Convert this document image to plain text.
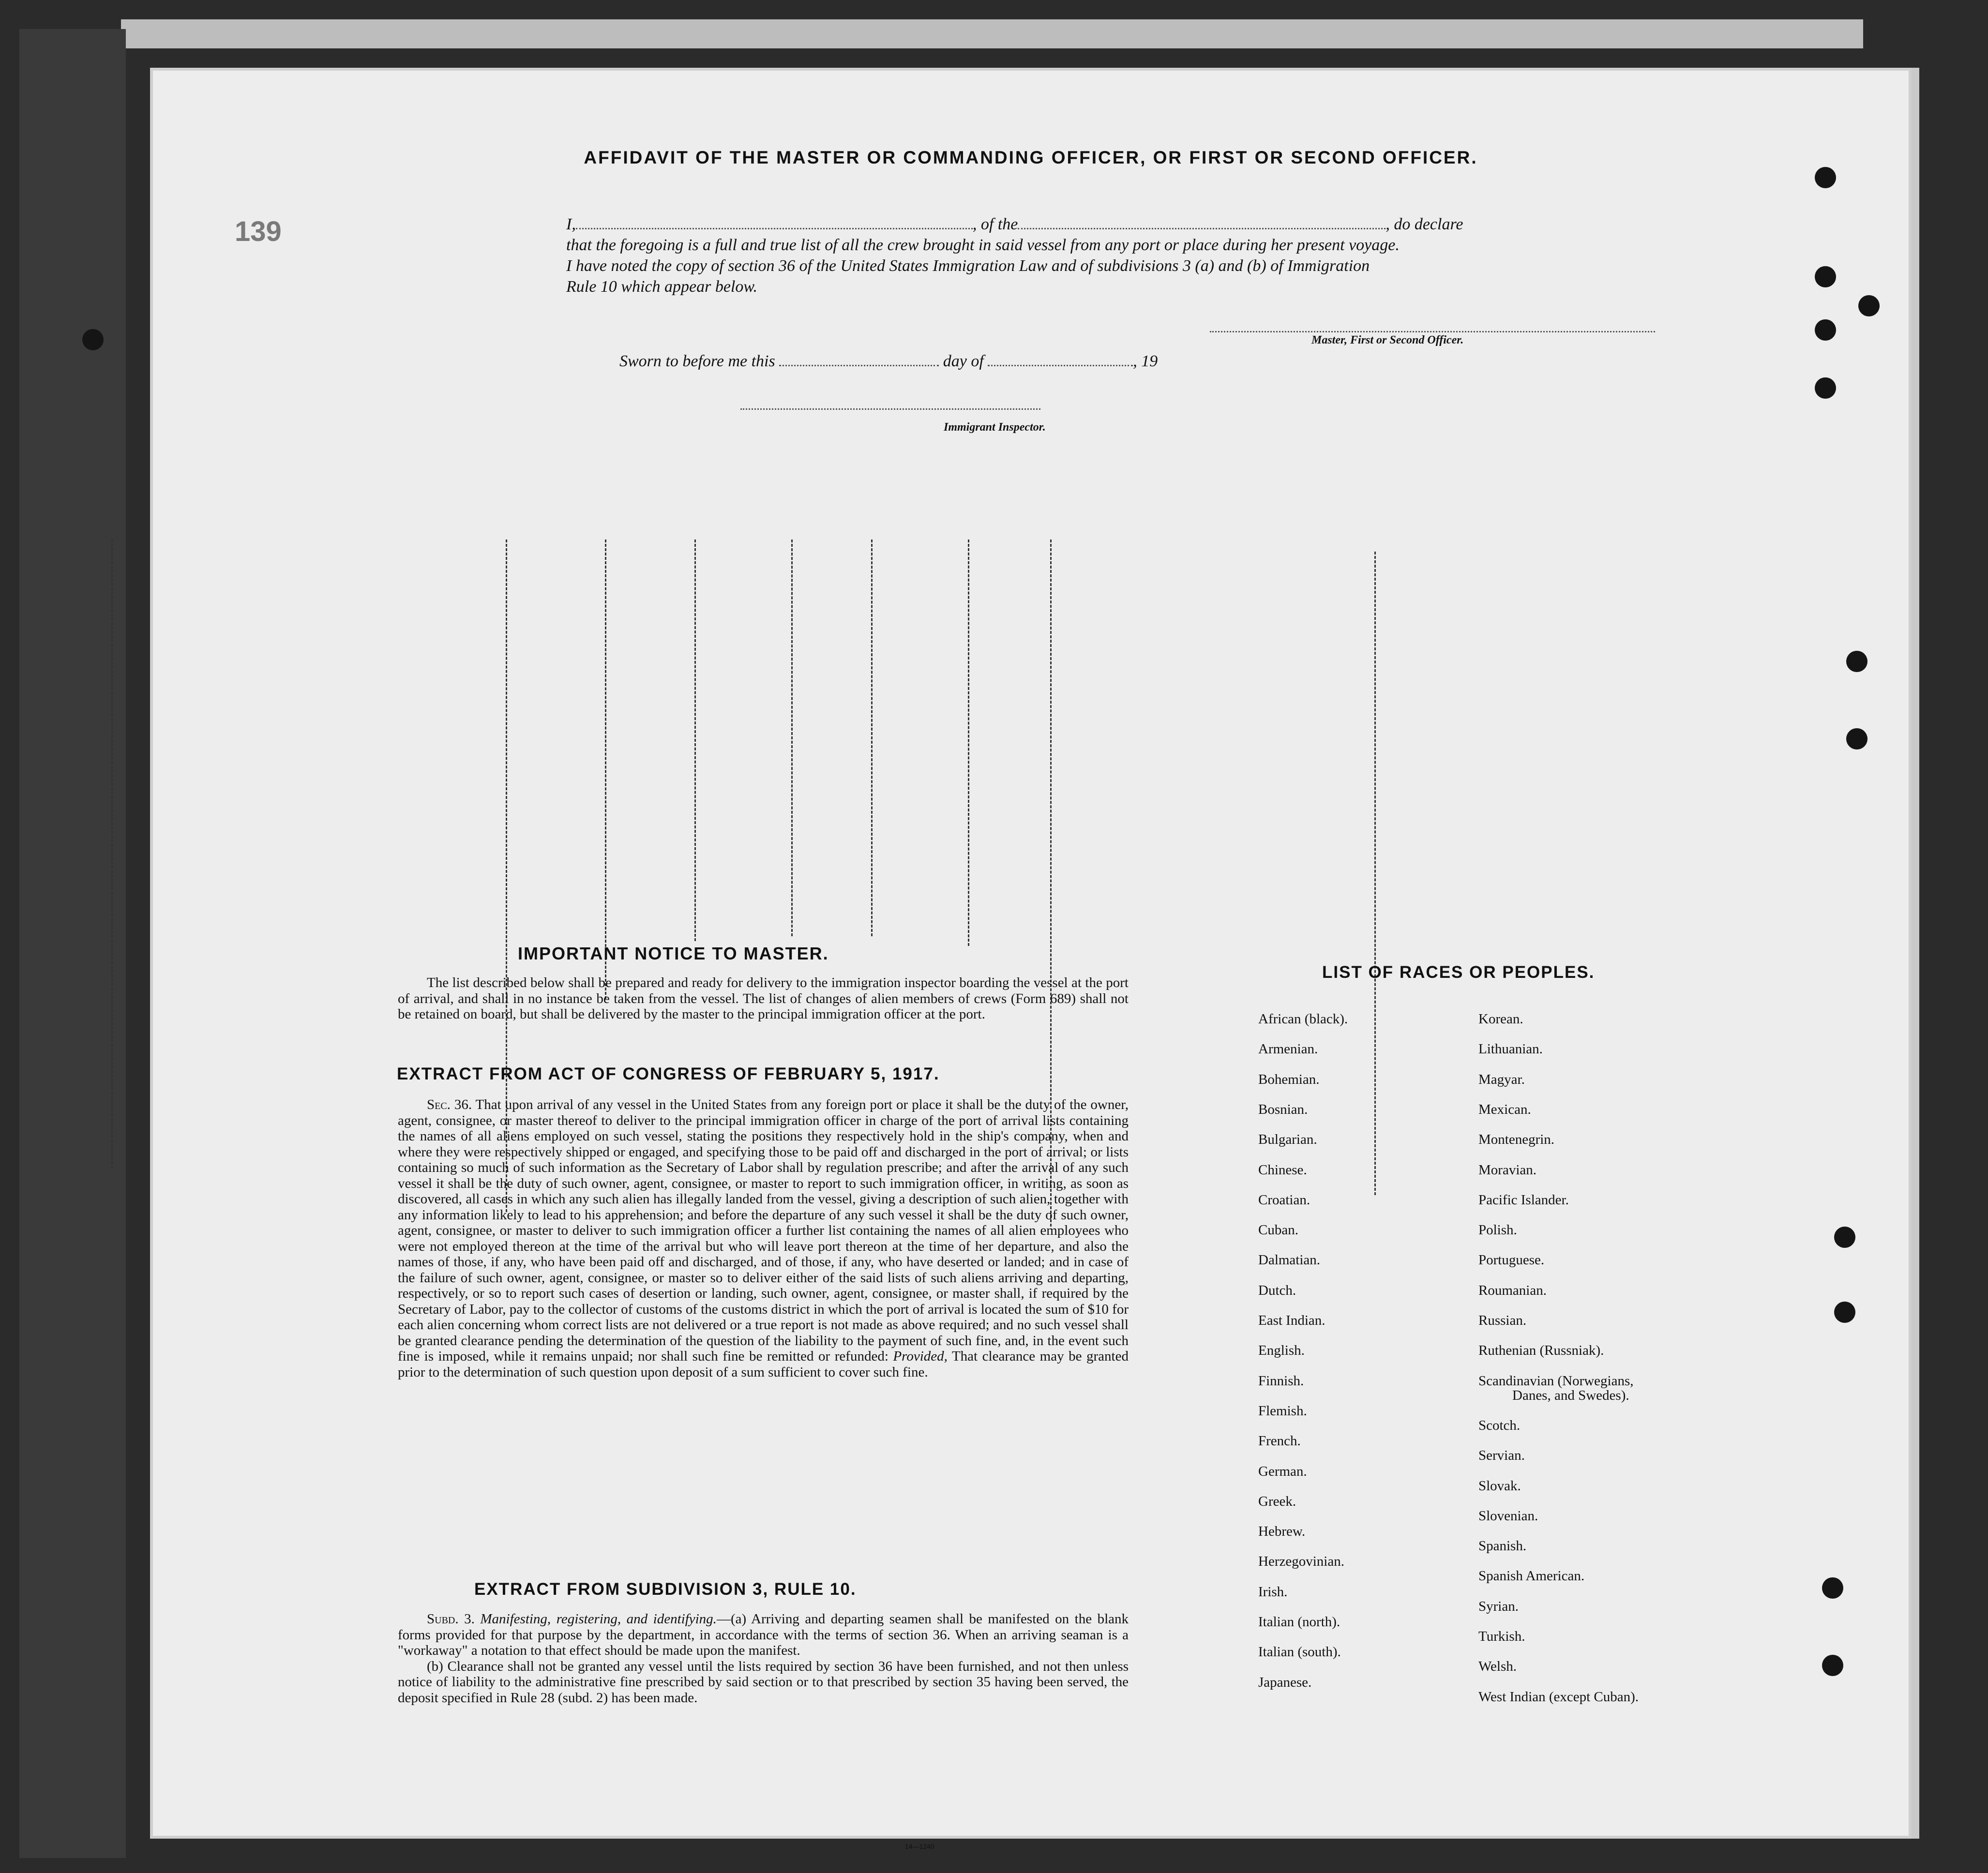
139
AFFIDAVIT OF THE MASTER OR COMMANDING OFFICER, OR FIRST OR SECOND OFFICER.
I,	, of the	, do declare
that the foregoing is a full and true list of all the crew brought in said vessel from any port or place during her present voyage.
I have noted the copy of section 36 of the United States Immigration Law and of subdivisions 3 (a) and (b) of Immigration
Rule 10 which appear below.
Master, First or Second Officer.
Sworn to before me this	day of	, 19
Immigrant Inspector.
IMPORTANT NOTICE TO MASTER.
The list described below shall be prepared and ready for delivery to the immigration inspector boarding the vessel at the port of arrival, and shall in no instance be taken from the vessel. The list of changes of alien members of crews (Form 689) shall not be retained on board, but shall be delivered by the master to the principal immigration officer at the port.
EXTRACT FROM ACT OF CONGRESS OF FEBRUARY 5, 1917.
Sec. 36. That upon arrival of any vessel in the United States from any foreign port or place it shall be the duty of the owner, agent, consignee, or master thereof to deliver to the principal immigration officer in charge of the port of arrival lists containing the names of all aliens employed on such vessel, stating the positions they respectively hold in the ship's company, when and where they were respectively shipped or engaged, and specifying those to be paid off and discharged in the port of arrival; or lists containing so much of such information as the Secretary of Labor shall by regulation prescribe; and after the arrival of any such vessel it shall be the duty of such owner, agent, consignee, or master to report to such immigration officer, in writing, as soon as discovered, all cases in which any such alien has illegally landed from the vessel, giving a description of such alien, together with any information likely to lead to his apprehension; and before the departure of any such vessel it shall be the duty of such owner, agent, consignee, or master to deliver to such immigration officer a further list containing the names of all alien employees who were not employed thereon at the time of the arrival but who will leave port thereon at the time of her departure, and also the names of those, if any, who have been paid off and discharged, and of those, if any, who have deserted or landed; and in case of the failure of such owner, agent, consignee, or master so to deliver either of the said lists of such aliens arriving and departing, respectively, or so to report such cases of desertion or landing, such owner, agent, consignee, or master shall, if required by the Secretary of Labor, pay to the collector of customs of the customs district in which the port of arrival is located the sum of $10 for each alien concerning whom correct lists are not delivered or a true report is not made as above required; and no such vessel shall be granted clearance pending the determination of the question of the liability to the payment of such fine, and, in the event such fine is imposed, while it remains unpaid; nor shall such fine be remitted or refunded: Provided, That clearance may be granted prior to the determination of such question upon deposit of a sum sufficient to cover such fine.
EXTRACT FROM SUBDIVISION 3, RULE 10.
Subd. 3. Manifesting, registering, and identifying.—(a) Arriving and departing seamen shall be manifested on the blank forms provided for that purpose by the department, in accordance with the terms of section 36. When an arriving seaman is a "workaway" a notation to that effect should be made upon the manifest.
(b) Clearance shall not be granted any vessel until the lists required by section 36 have been furnished, and not then unless notice of liability to the administrative fine prescribed by said section or to that prescribed by section 35 having been served, the deposit specified in Rule 28 (subd. 2) has been made.
14—1240
LIST OF RACES OR PEOPLES.
African (black).
Armenian.
Bohemian.
Bosnian.
Bulgarian.
Chinese.
Croatian.
Cuban.
Dalmatian.
Dutch.
East Indian.
English.
Finnish.
Flemish.
French.
German.
Greek.
Hebrew.
Herzegovinian.
Irish.
Italian (north).
Italian (south).
Japanese.
Korean.
Lithuanian.
Magyar.
Mexican.
Montenegrin.
Moravian.
Pacific Islander.
Polish.
Portuguese.
Roumanian.
Russian.
Ruthenian (Russniak).
Scandinavian (Norwegians,
Danes, and Swedes).
Scotch.
Servian.
Slovak.
Slovenian.
Spanish.
Spanish American.
Syrian.
Turkish.
Welsh.
West Indian (except Cuban).
